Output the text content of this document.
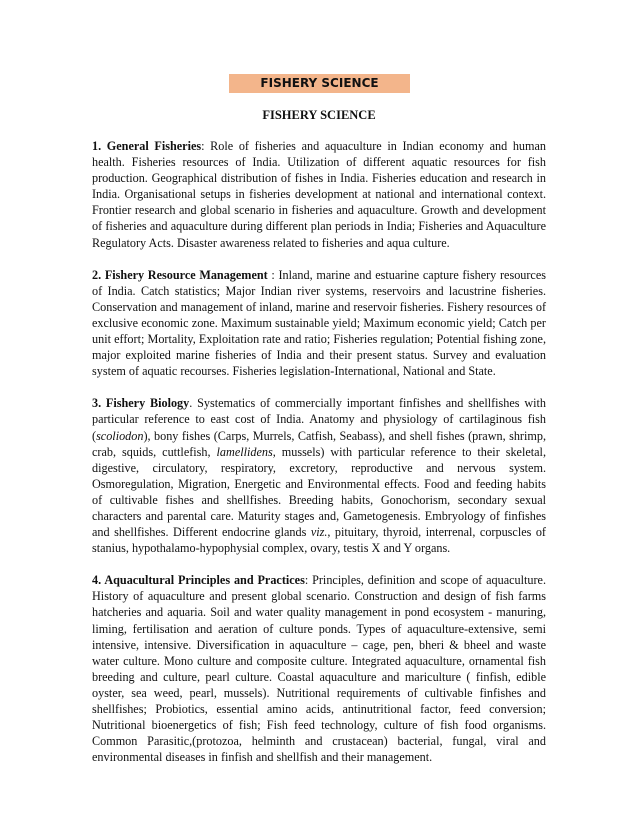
FISHERY SCIENCE
FISHERY SCIENCE

1. General Fisheries: Role of fisheries and aquaculture in Indian economy and human health. Fisheries resources of India. Utilization of different aquatic resources for fish production. Geographical distribution of fishes in India. Fisheries education and research in India. Organisational setups in fisheries development at national and international context. Frontier research and global scenario in fisheries and aquaculture. Growth and development of fisheries and aquaculture during different plan periods in India; Fisheries and Aquaculture Regulatory Acts. Disaster awareness related to fisheries and aqua culture.

2. Fishery Resource Management : Inland, marine and estuarine capture fishery resources of India. Catch statistics; Major Indian river systems, reservoirs and lacustrine fisheries. Conservation and management of inland, marine and reservoir fisheries. Fishery resources of exclusive economic zone. Maximum sustainable yield; Maximum economic yield; Catch per unit effort; Mortality, Exploitation rate and ratio; Fisheries regulation; Potential fishing zone, major exploited marine fisheries of India and their present status. Survey and evaluation system of aquatic recourses. Fisheries legislation-International, National and State.

3. Fishery Biology. Systematics of commercially important finfishes and shellfishes with particular reference to east cost of India. Anatomy and physiology of cartilaginous fish (scoliodon), bony fishes (Carps, Murrels, Catfish, Seabass), and shell fishes (prawn, shrimp, crab, squids, cuttlefish, lamellidens, mussels) with particular reference to their skeletal, digestive, circulatory, respiratory, excretory, reproductive and nervous system. Osmoregulation, Migration, Energetic and Environmental effects. Food and feeding habits of cultivable fishes and shellfishes. Breeding habits, Gonochorism, secondary sexual characters and parental care. Maturity stages and, Gametogenesis. Embryology of finfishes and shellfishes. Different endocrine glands viz., pituitary, thyroid, interrenal, corpuscles of stanius, hypothalamo-hypophysial complex, ovary, testis X and Y organs.

4. Aquacultural Principles and Practices: Principles, definition and scope of aquaculture. History of aquaculture and present global scenario. Construction and design of fish farms hatcheries and aquaria. Soil and water quality management in pond ecosystem - manuring, liming, fertilisation and aeration of culture ponds. Types of aquaculture-extensive, semi intensive, intensive. Diversification in aquaculture – cage, pen, bheri & bheel and waste water culture. Mono culture and composite culture. Integrated aquaculture, ornamental fish breeding and culture, pearl culture. Coastal aquaculture and mariculture ( finfish, edible oyster, sea weed, pearl, mussels). Nutritional requirements of cultivable finfishes and shellfishes; Probiotics, essential amino acids, antinutritional factor, feed conversion; Nutritional bioenergetics of fish; Fish feed technology, culture of fish food organisms. Common Parasitic,(protozoa, helminth and crustacean) bacterial, fungal, viral and environmental diseases in finfish and shellfish and their management.
